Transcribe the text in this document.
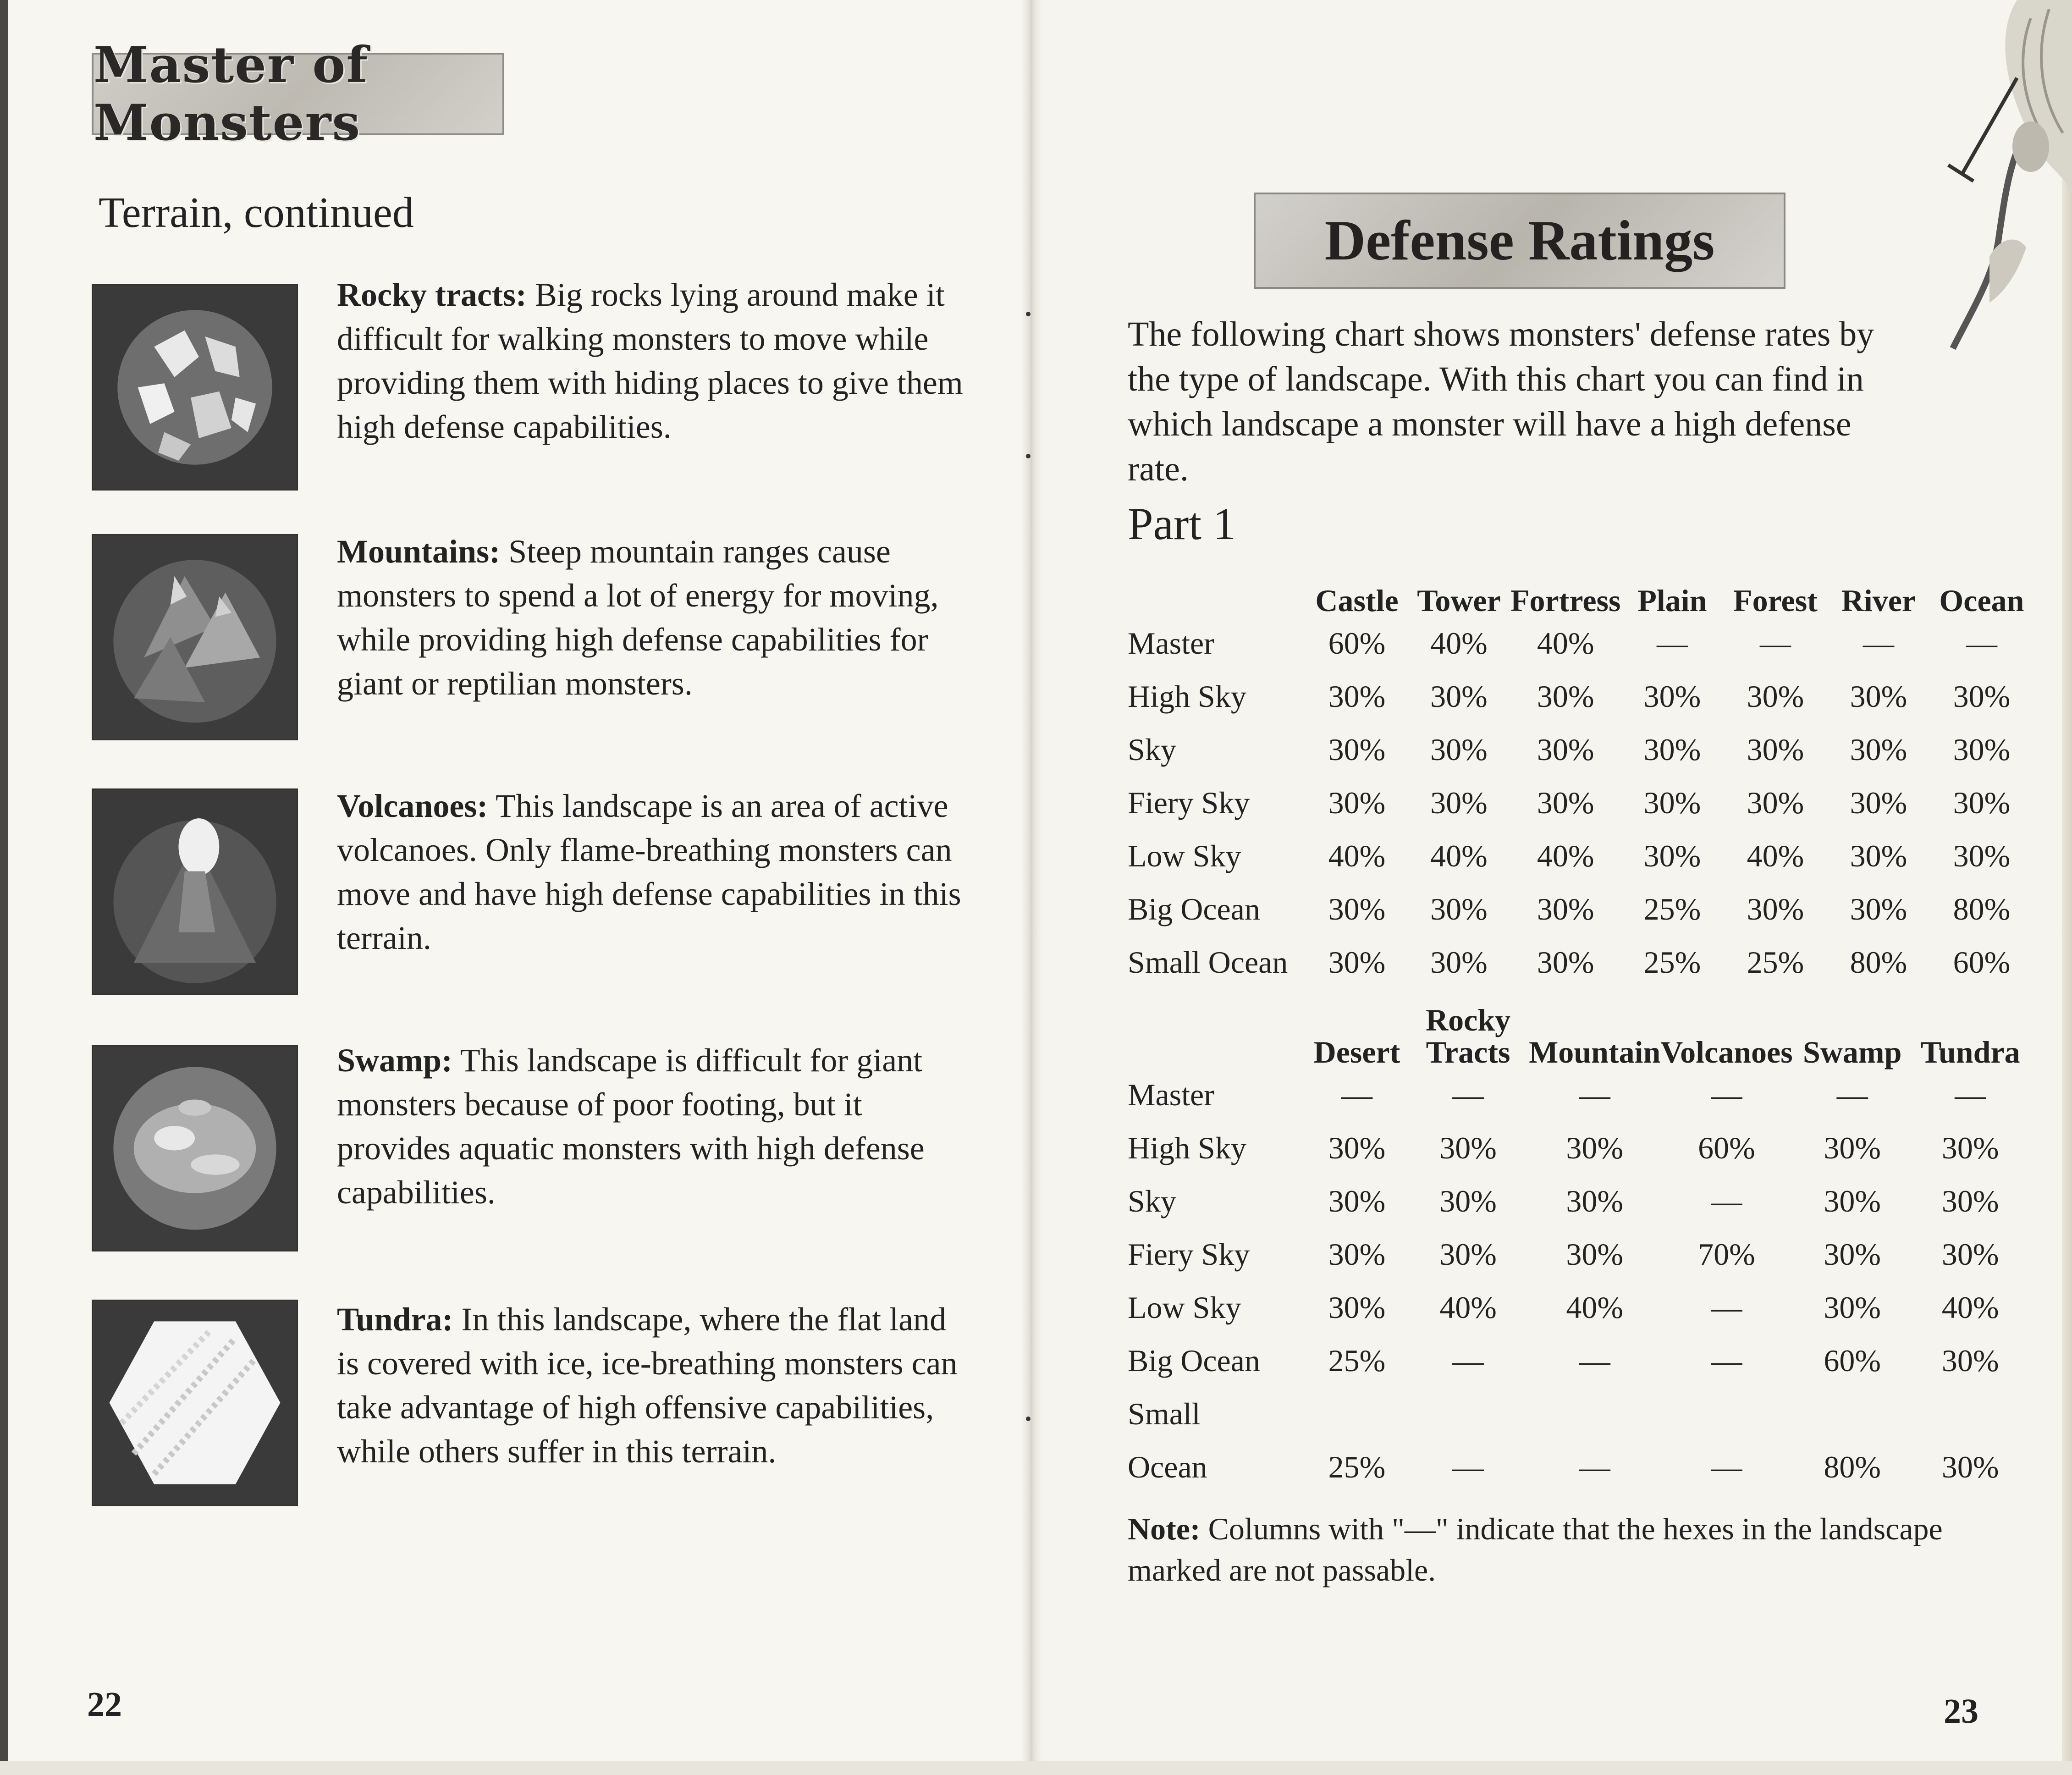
Master of Monsters
Terrain, continued
Rocky tracts: Big rocks lying around make it difficult for walking monsters to move while providing them with hiding places to give them high defense capabilities.
Mountains: Steep mountain ranges cause monsters to spend a lot of energy for moving, while providing high defense capabilities for giant or reptilian monsters.
Volcanoes: This landscape is an area of active volcanoes. Only flame-breathing monsters can move and have high defense capabilities in this terrain.
Swamp: This landscape is difficult for giant monsters because of poor footing, but it provides aquatic monsters with high defense capabilities.
Tundra: In this landscape, where the flat land is covered with ice, ice-breathing monsters can take advantage of high offensive capabilities, while others suffer in this terrain.
22
Defense Ratings
The following chart shows monsters' defense rates by the type of landscape. With this chart you can find in which landscape a monster will have a high defense rate.
Part 1
	Castle	Tower	Fortress	Plain	Forest	River	Ocean
Master	60%	40%	40%	—	—	—	—
High Sky	30%	30%	30%	30%	30%	30%	30%
Sky	30%	30%	30%	30%	30%	30%	30%
Fiery Sky	30%	30%	30%	30%	30%	30%	30%
Low Sky	40%	40%	40%	30%	40%	30%	30%
Big Ocean	30%	30%	30%	25%	30%	30%	80%
Small Ocean	30%	30%	30%	25%	25%	80%	60%
	Desert	Rocky Tracts	Mountain	Volcanoes	Swamp	Tundra
Master	—	—	—	—	—	—
High Sky	30%	30%	30%	60%	30%	30%
Sky	30%	30%	30%	—	30%	30%
Fiery Sky	30%	30%	30%	70%	30%	30%
Low Sky	30%	40%	40%	—	30%	40%
Big Ocean	25%	—	—	—	60%	30%
Small						
Ocean	25%	—	—	—	80%	30%
Note: Columns with "—" indicate that the hexes in the landscape marked are not passable.
23
